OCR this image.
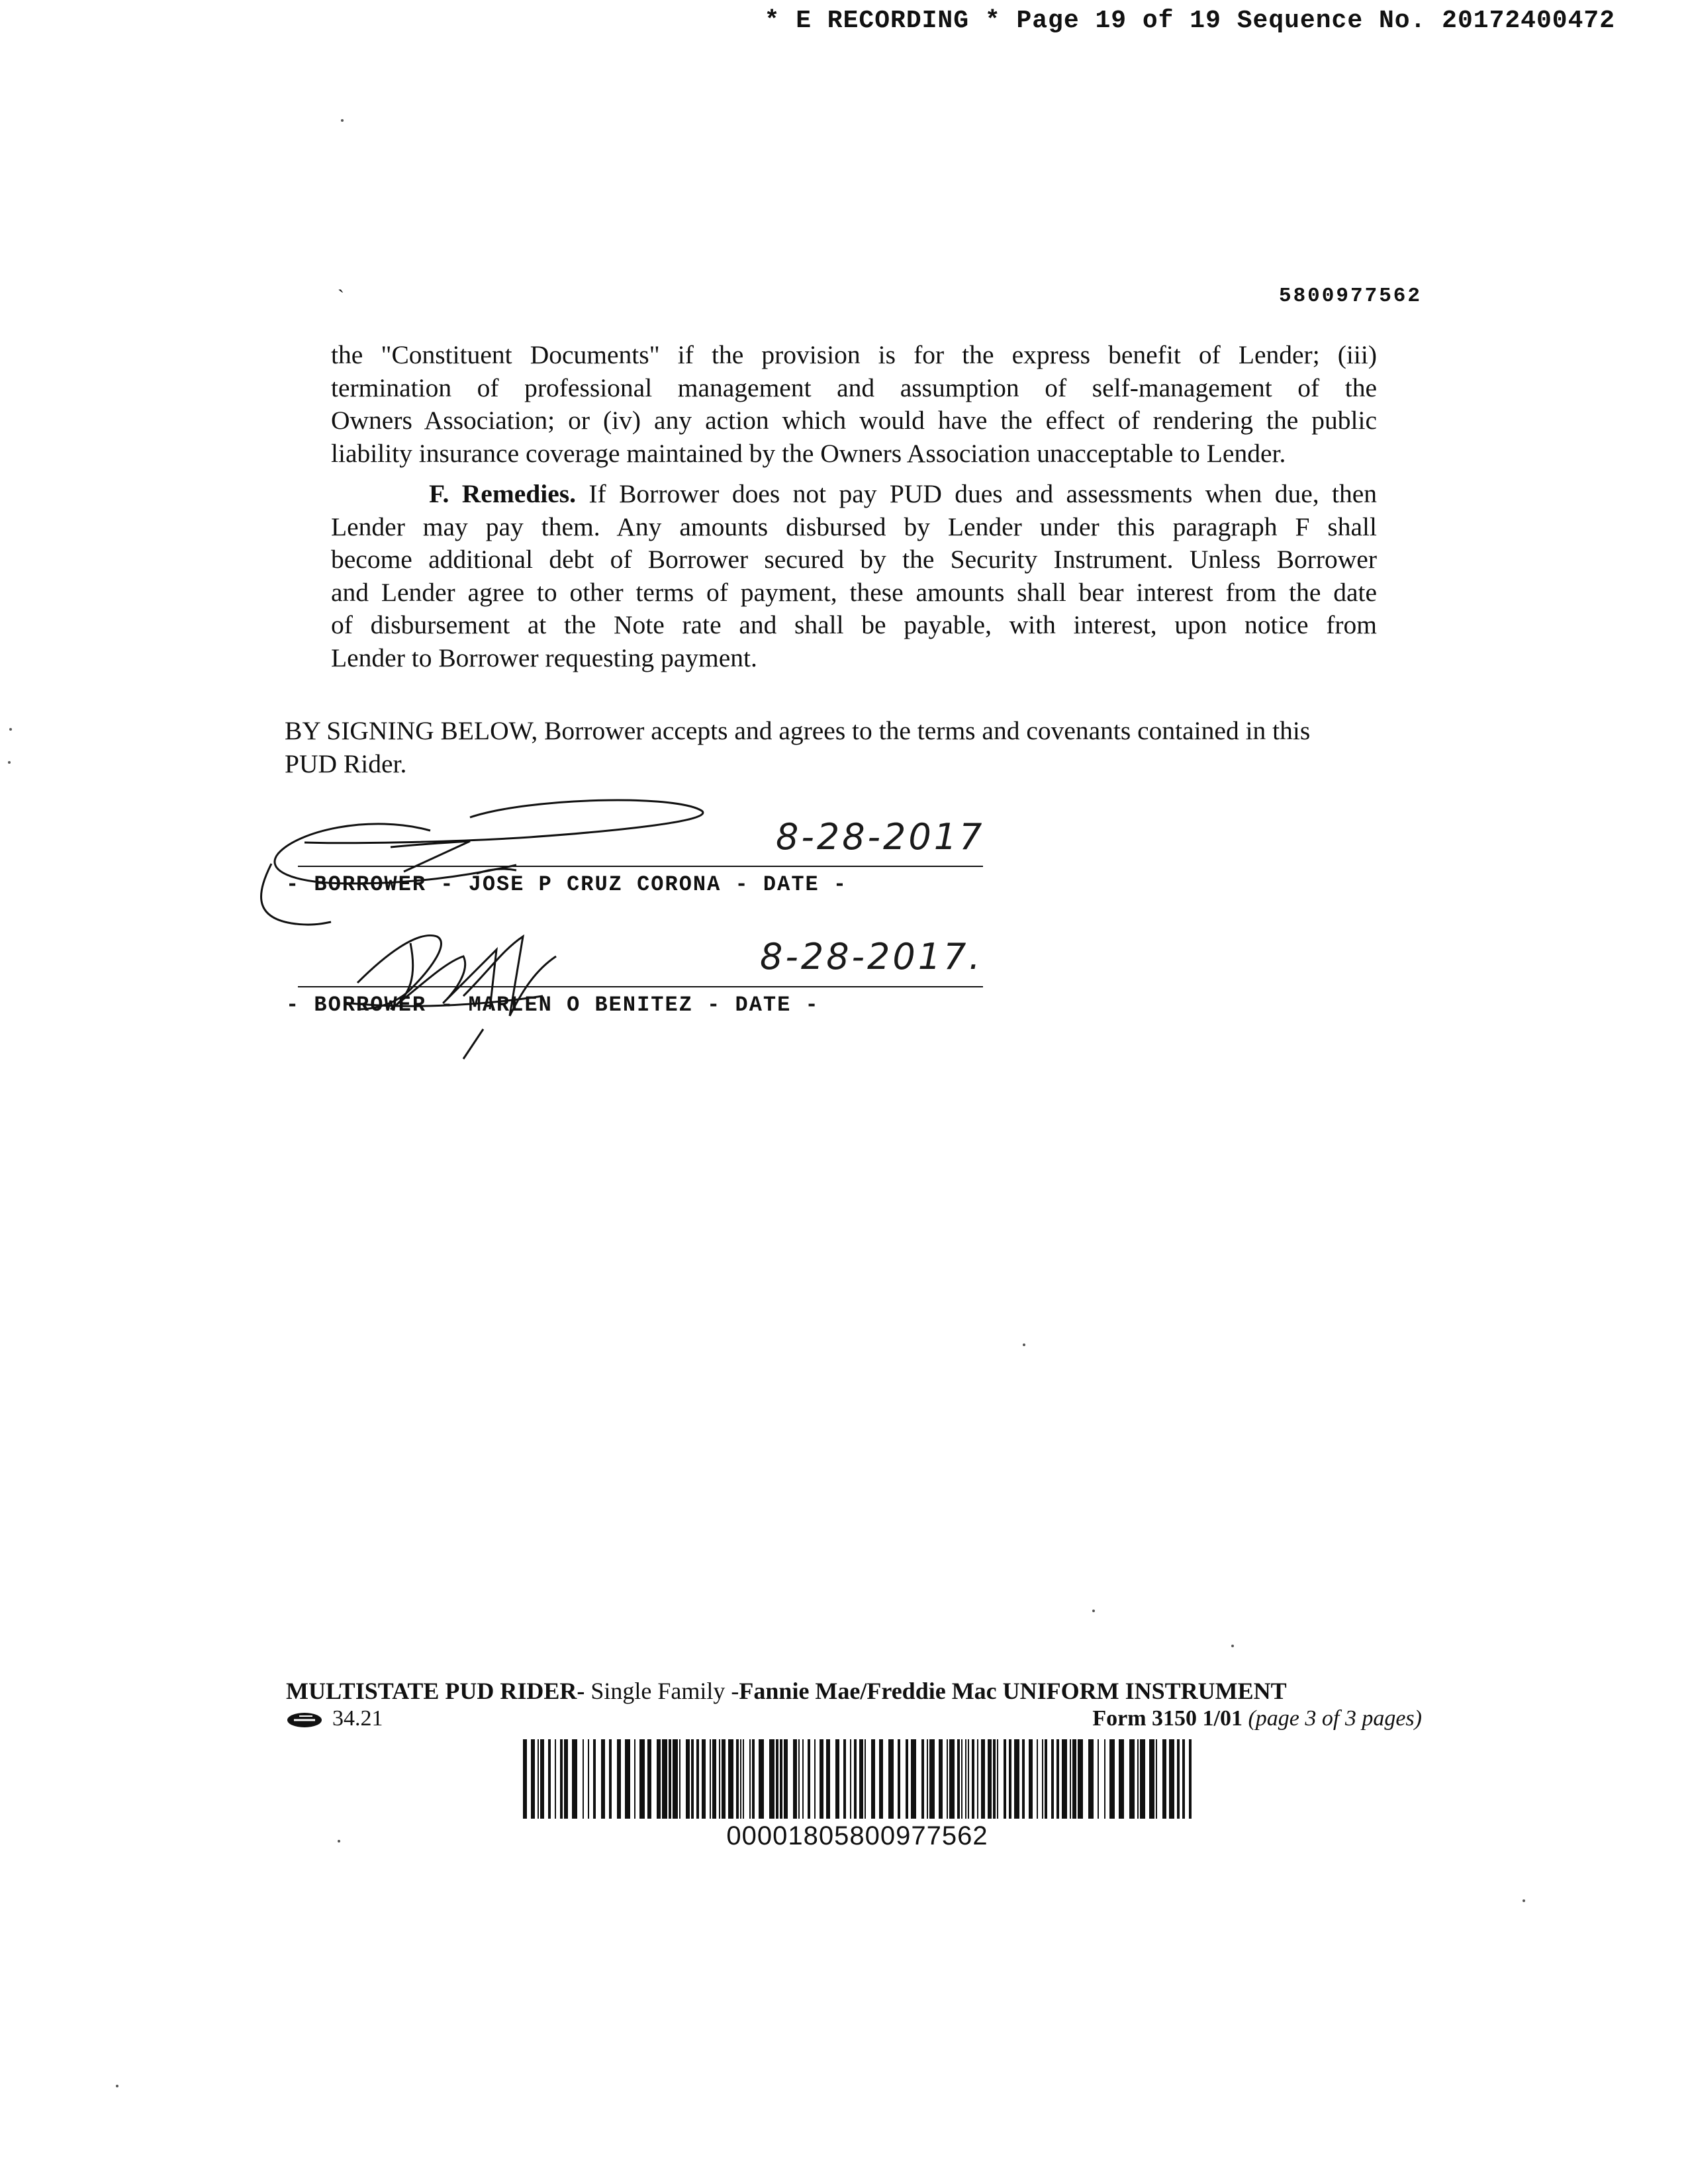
* E RECORDING * Page 19 of 19 Sequence No. 20172400472
`	5800977562
the "Constituent Documents" if the provision is for the express benefit of Lender; (iii)
termination of professional management and assumption of self-management of the
Owners Association; or (iv) any action which would have the effect of rendering the public
liability insurance coverage maintained by the Owners Association unacceptable to Lender.
F. Remedies. If Borrower does not pay PUD dues and assessments when due, then
Lender may pay them. Any amounts disbursed by Lender under this paragraph F shall
become additional debt of Borrower secured by the Security Instrument. Unless Borrower
and Lender agree to other terms of payment, these amounts shall bear interest from the date
of disbursement at the Note rate and shall be payable, with interest, upon notice from
Lender to Borrower requesting payment.
BY SIGNING BELOW, Borrower accepts and agrees to the terms and covenants contained in this
PUD Rider.
8-28-2017
- BORROWER - JOSE P CRUZ CORONA - DATE -
8-28-2017.
- BORROWER - MARLEN O BENITEZ - DATE -
MULTISTATE PUD RIDER- Single Family -Fannie Mae/Freddie Mac UNIFORM INSTRUMENT
34.21	Form 3150 1/01 (page 3 of 3 pages)
00001805800977562
